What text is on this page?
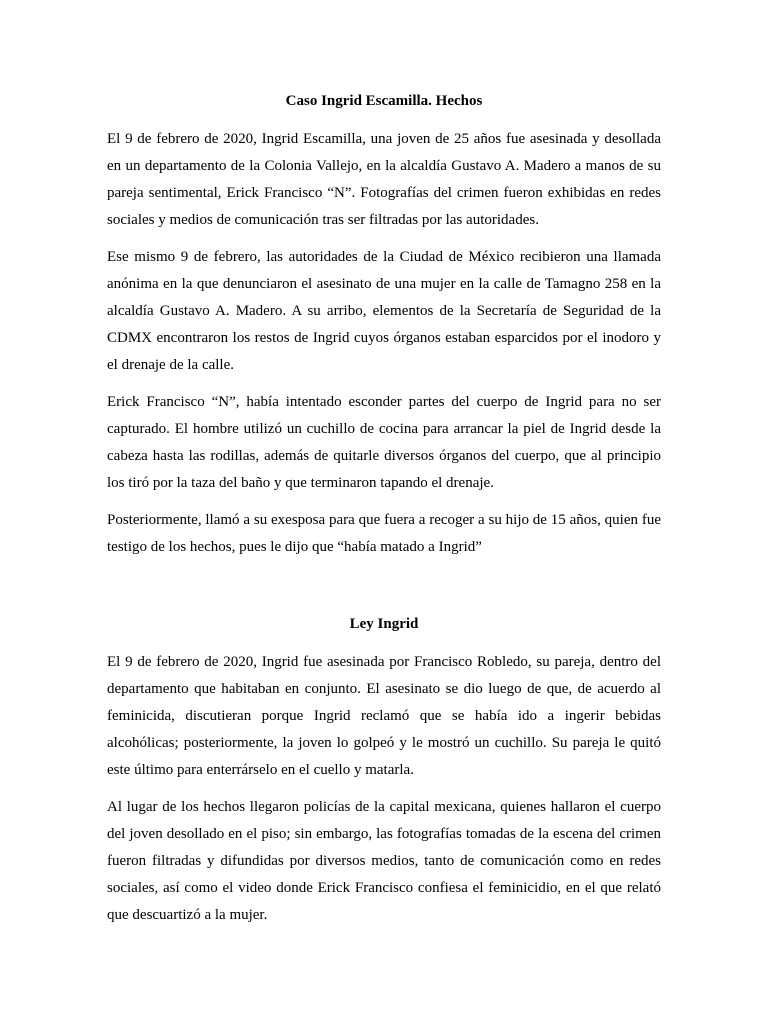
Caso Ingrid Escamilla. Hechos

El 9 de febrero de 2020, Ingrid Escamilla, una joven de 25 años fue asesinada y desollada en un departamento de la Colonia Vallejo, en la alcaldía Gustavo A. Madero a manos de su pareja sentimental, Erick Francisco “N”. Fotografías del crimen fueron exhibidas en redes sociales y medios de comunicación tras ser filtradas por las autoridades.

Ese mismo 9 de febrero, las autoridades de la Ciudad de México recibieron una llamada anónima en la que denunciaron el asesinato de una mujer en la calle de Tamagno 258 en la alcaldía Gustavo A. Madero. A su arribo, elementos de la Secretaría de Seguridad de la CDMX encontraron los restos de Ingrid cuyos órganos estaban esparcidos por el inodoro y el drenaje de la calle.

Erick Francisco “N”, había intentado esconder partes del cuerpo de Ingrid para no ser capturado. El hombre utilizó un cuchillo de cocina para arrancar la piel de Ingrid desde la cabeza hasta las rodillas, además de quitarle diversos órganos del cuerpo, que al principio los tiró por la taza del baño y que terminaron tapando el drenaje.

Posteriormente, llamó a su exesposa para que fuera a recoger a su hijo de 15 años, quien fue testigo de los hechos, pues le dijo que “había matado a Ingrid”

Ley Ingrid

El 9 de febrero de 2020, Ingrid fue asesinada por Francisco Robledo, su pareja, dentro del departamento que habitaban en conjunto. El asesinato se dio luego de que, de acuerdo al feminicida, discutieran porque Ingrid reclamó que se había ido a ingerir bebidas alcohólicas; posteriormente, la joven lo golpeó y le mostró un cuchillo. Su pareja le quitó este último para enterrárselo en el cuello y matarla.

Al lugar de los hechos llegaron policías de la capital mexicana, quienes hallaron el cuerpo del joven desollado en el piso; sin embargo, las fotografías tomadas de la escena del crimen fueron filtradas y difundidas por diversos medios, tanto de comunicación como en redes sociales, así como el video donde Erick Francisco confiesa el feminicidio, en el que relató que descuartizó a la mujer.
